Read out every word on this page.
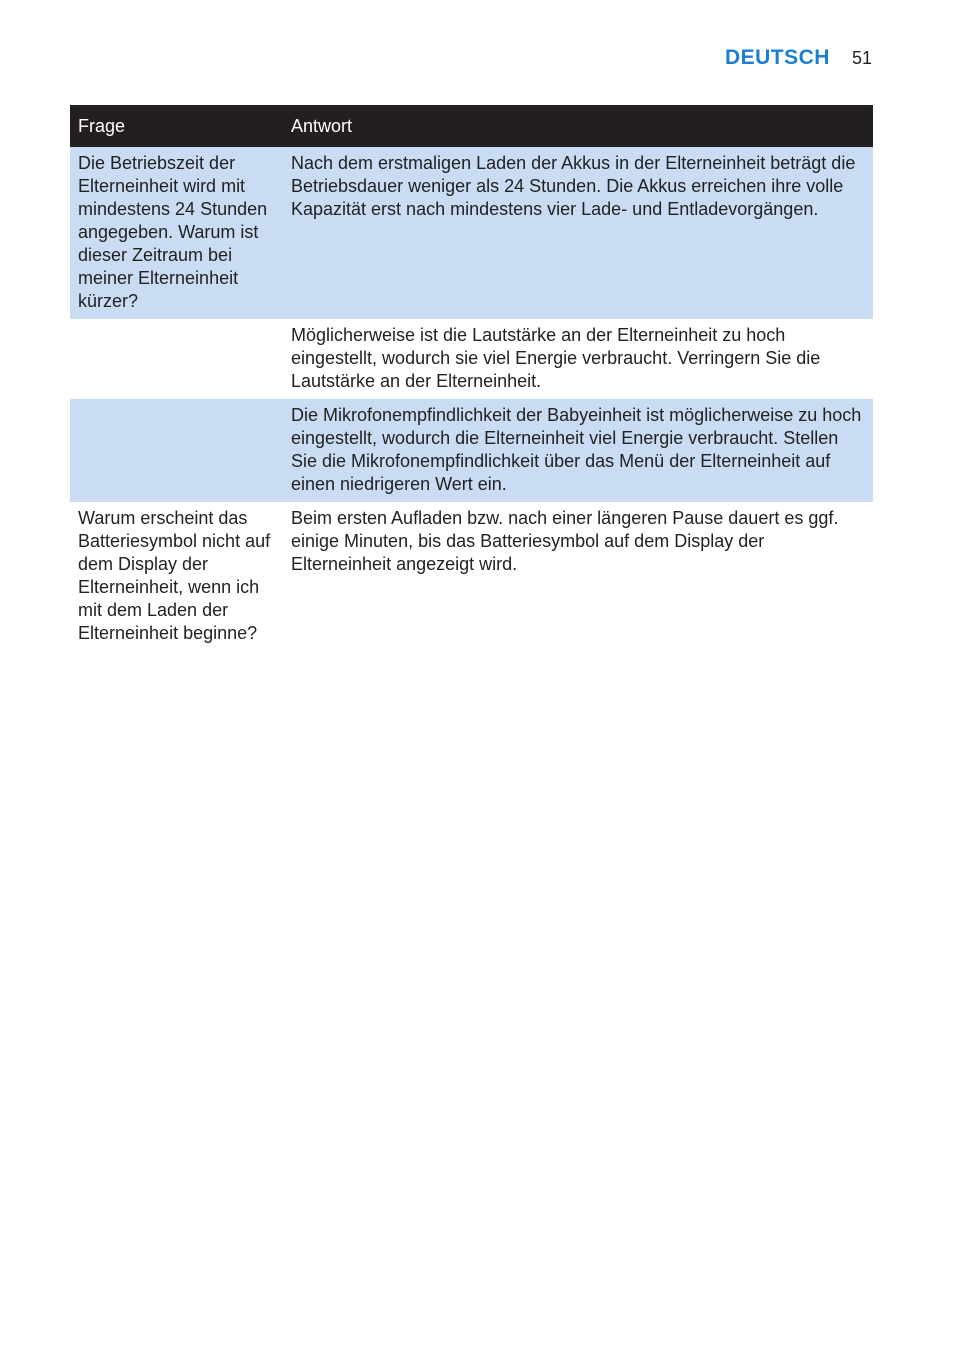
DEUTSCH 51
Frage	Antwort
Die Betriebszeit der Elterneinheit wird mit mindestens 24 Stunden angegeben. Warum ist dieser Zeitraum bei meiner Elterneinheit kürzer?	Nach dem erstmaligen Laden der Akkus in der Elterneinheit beträgt die Betriebsdauer weniger als 24 Stunden. Die Akkus erreichen ihre volle Kapazität erst nach mindestens vier Lade- und Entladevorgängen.
	Möglicherweise ist die Lautstärke an der Elterneinheit zu hoch eingestellt, wodurch sie viel Energie verbraucht. Verringern Sie die Lautstärke an der Elterneinheit.
	Die Mikrofonempfindlichkeit der Babyeinheit ist möglicherweise zu hoch eingestellt, wodurch die Elterneinheit viel Energie verbraucht. Stellen Sie die Mikrofonempfindlichkeit über das Menü der Elterneinheit auf einen niedrigeren Wert ein.
Warum erscheint das Batteriesymbol nicht auf dem Display der Elterneinheit, wenn ich mit dem Laden der Elterneinheit beginne?	Beim ersten Aufladen bzw. nach einer längeren Pause dauert es ggf. einige Minuten, bis das Batteriesymbol auf dem Display der Elterneinheit angezeigt wird.
